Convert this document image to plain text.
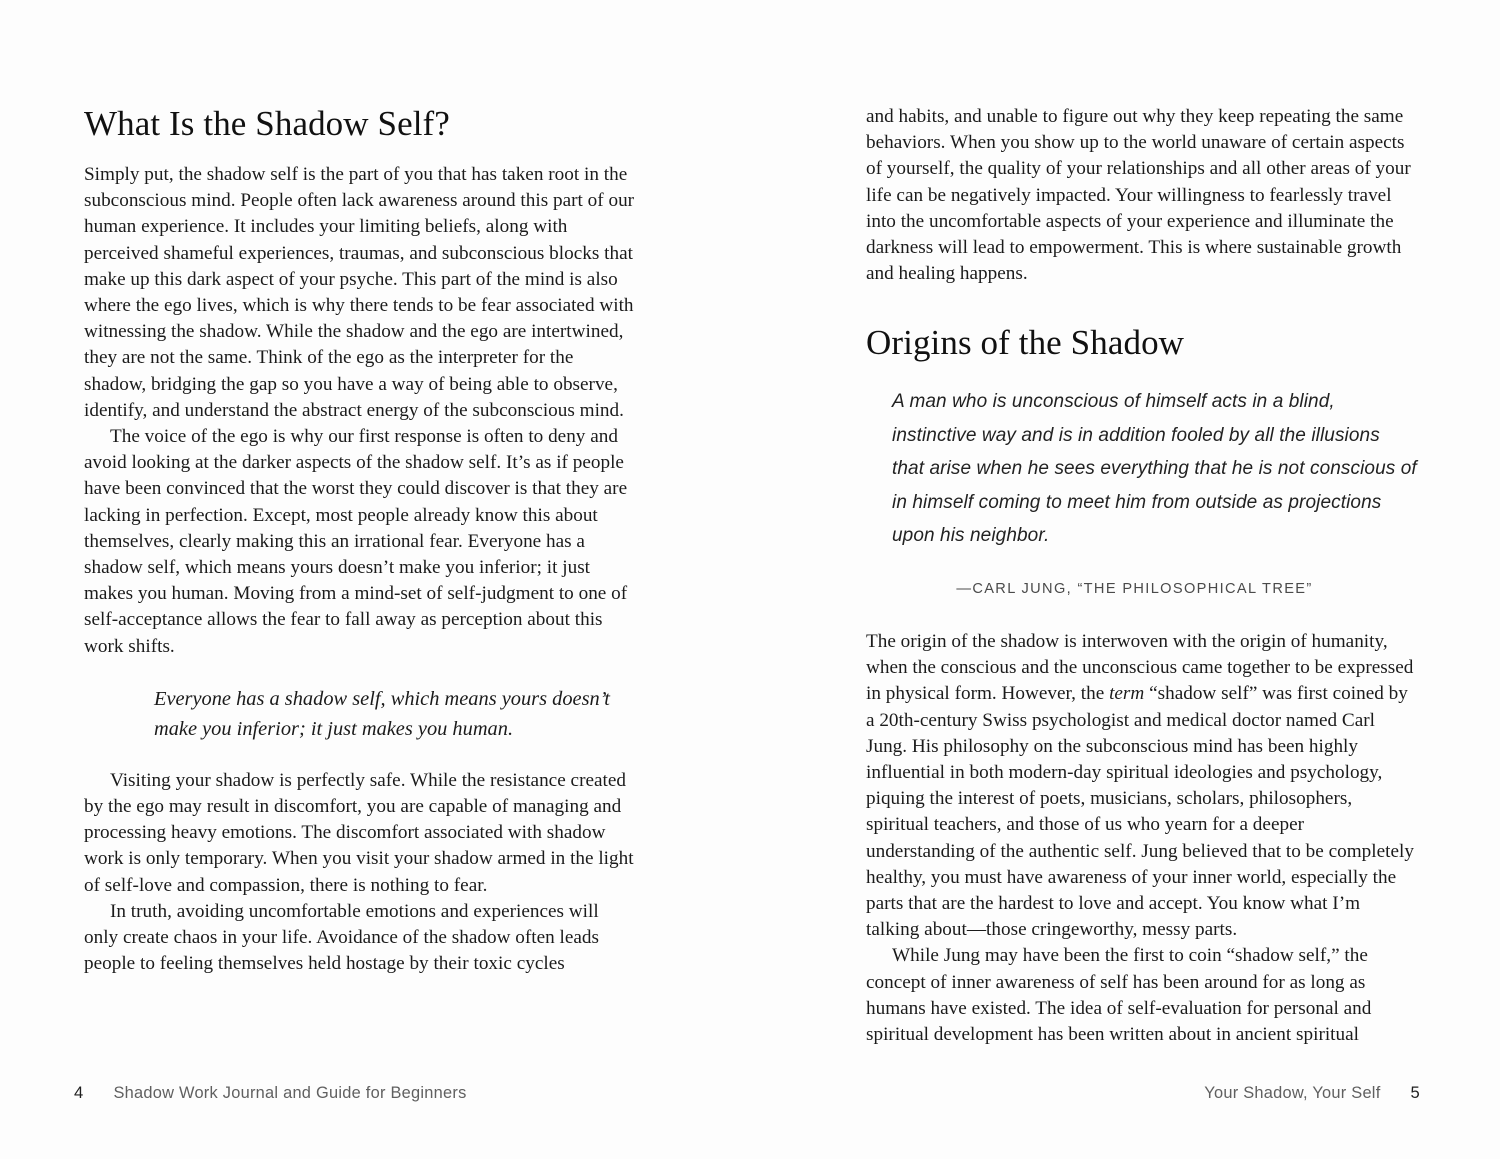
What Is the Shadow Self?

Simply put, the shadow self is the part of you that has taken root in the subconscious mind. People often lack awareness around this part of our human experience. It includes your limiting beliefs, along with perceived shameful experiences, traumas, and subconscious blocks that make up this dark aspect of your psyche. This part of the mind is also where the ego lives, which is why there tends to be fear associated with witnessing the shadow. While the shadow and the ego are intertwined, they are not the same. Think of the ego as the interpreter for the shadow, bridging the gap so you have a way of being able to observe, identify, and understand the abstract energy of the subconscious mind.

The voice of the ego is why our first response is often to deny and avoid looking at the darker aspects of the shadow self. It’s as if people have been convinced that the worst they could discover is that they are lacking in perfection. Except, most people already know this about themselves, clearly making this an irrational fear. Everyone has a shadow self, which means yours doesn’t make you inferior; it just makes you human. Moving from a mind-set of self-judgment to one of self-acceptance allows the fear to fall away as perception about this work shifts.

Everyone has a shadow self, which means yours doesn’t make you inferior; it just makes you human.

Visiting your shadow is perfectly safe. While the resistance created by the ego may result in discomfort, you are capable of managing and processing heavy emotions. The discomfort associated with shadow work is only temporary. When you visit your shadow armed in the light of self-love and compassion, there is nothing to fear.

In truth, avoiding uncomfortable emotions and experiences will only create chaos in your life. Avoidance of the shadow often leads people to feeling themselves held hostage by their toxic cycles

4 Shadow Work Journal and Guide for Beginners

and habits, and unable to figure out why they keep repeating the same behaviors. When you show up to the world unaware of certain aspects of yourself, the quality of your relationships and all other areas of your life can be negatively impacted. Your willingness to fearlessly travel into the uncomfortable aspects of your experience and illuminate the darkness will lead to empowerment. This is where sustainable growth and healing happens.

Origins of the Shadow
A man who is unconscious of himself acts in a blind, instinctive way and is in addition fooled by all the illusions that arise when he sees everything that he is not conscious of in himself coming to meet him from outside as projections upon his neighbor.
—CARL JUNG, “THE PHILOSOPHICAL TREE”

The origin of the shadow is interwoven with the origin of humanity, when the conscious and the unconscious came together to be expressed in physical form. However, the term “shadow self” was first coined by a 20th-century Swiss psychologist and medical doctor named Carl Jung. His philosophy on the subconscious mind has been highly influential in both modern-day spiritual ideologies and psychology, piquing the interest of poets, musicians, scholars, philosophers, spiritual teachers, and those of us who yearn for a deeper understanding of the authentic self. Jung believed that to be completely healthy, you must have awareness of your inner world, especially the parts that are the hardest to love and accept. You know what I’m talking about—those cringeworthy, messy parts.

While Jung may have been the first to coin “shadow self,” the concept of inner awareness of self has been around for as long as humans have existed. The idea of self-evaluation for personal and spiritual development has been written about in ancient spiritual

Your Shadow, Your Self 5
